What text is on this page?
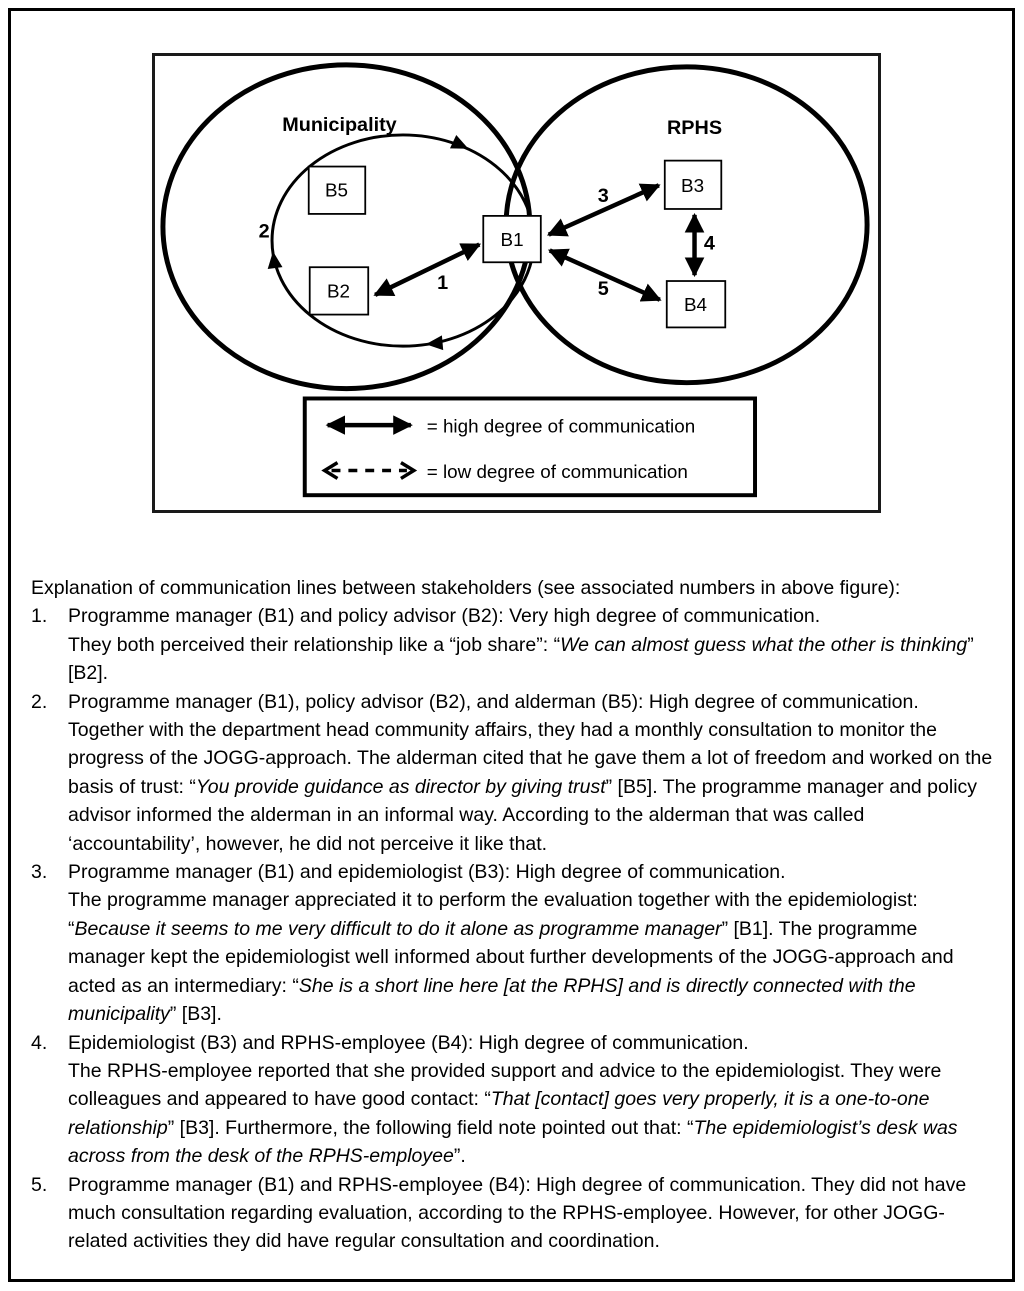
B5
B2
B1
B3
B4
Municipality	RPHS
1
2
3
4
5
= high degree of communication
= low degree of communication

Explanation of communication lines between stakeholders (see associated numbers in above figure):

1.	Programme manager (B1) and policy advisor (B2): Very high degree of communication.
They both perceived their relationship like a “job share”: “We can almost guess what the other is thinking” [B2].
2.	Programme manager (B1), policy advisor (B2), and alderman (B5): High degree of communication. Together with the department head community affairs, they had a monthly consultation to monitor the progress of the JOGG-approach. The alderman cited that he gave them a lot of freedom and worked on the basis of trust: “You provide guidance as director by giving trust” [B5]. The programme manager and policy advisor informed the alderman in an informal way. According to the alderman that was called ‘accountability’, however, he did not perceive it like that.
3.	Programme manager (B1) and epidemiologist (B3): High degree of communication.
The programme manager appreciated it to perform the evaluation together with the epidemiologist: “Because it seems to me very difficult to do it alone as programme manager” [B1]. The programme manager kept the epidemiologist well informed about further developments of the JOGG-approach and acted as an intermediary: “She is a short line here [at the RPHS] and is directly connected with the municipality” [B3].
4.	Epidemiologist (B3) and RPHS-employee (B4): High degree of communication.
The RPHS-employee reported that she provided support and advice to the epidemiologist. They were colleagues and appeared to have good contact: “That [contact] goes very properly, it is a one-to-one relationship” [B3]. Furthermore, the following field note pointed out that: “The epidemiologist’s desk was across from the desk of the RPHS-employee”.
5.	Programme manager (B1) and RPHS-employee (B4): High degree of communication. They did not have much consultation regarding evaluation, according to the RPHS-employee. However, for other JOGG-related activities they did have regular consultation and coordination.
